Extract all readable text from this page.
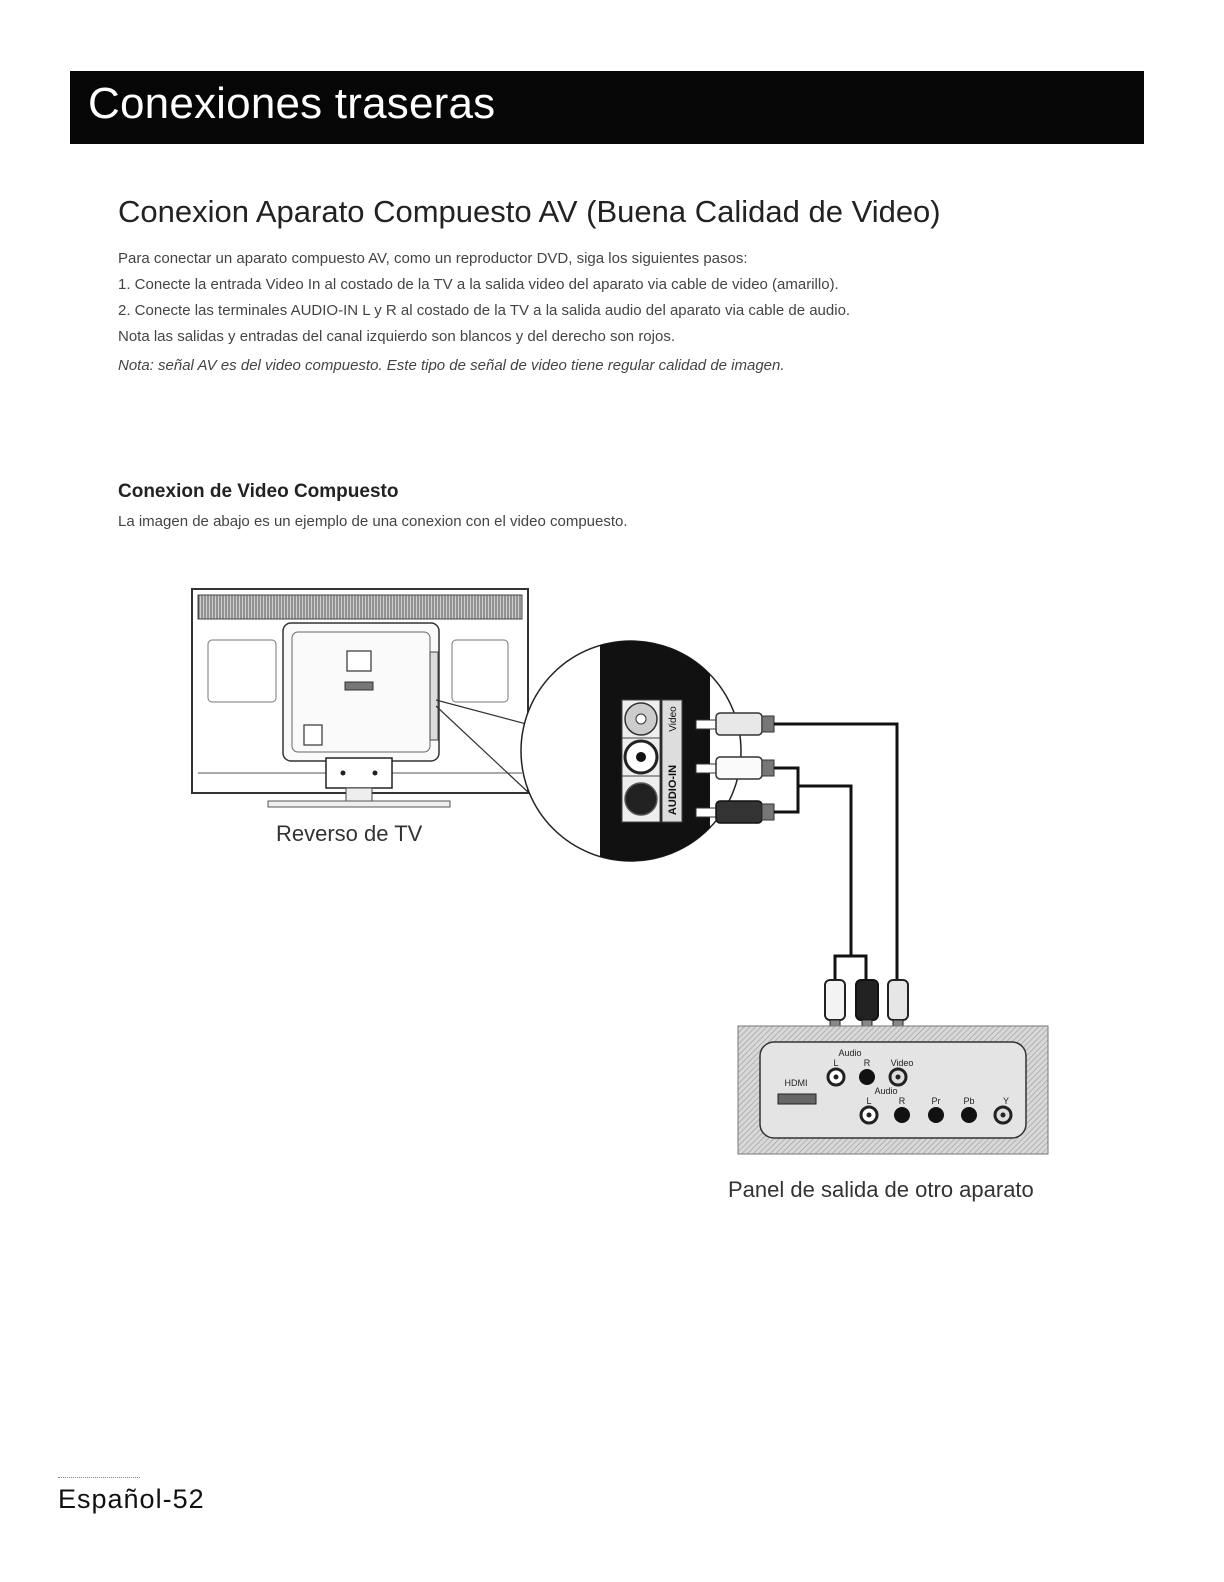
Conexiones traseras
Conexion Aparato Compuesto AV (Buena Calidad de Video)

Para conectar un aparato compuesto AV, como un reproductor DVD, siga los siguientes pasos:

1. Conecte la entrada Video In al costado de la TV a la salida video del aparato via cable de video (amarillo).

2. Conecte las terminales AUDIO-IN L y R al costado de la TV a la salida audio del aparato via cable de audio.

Nota las salidas y entradas del canal izquierdo son blancos y del derecho son rojos.

Nota: señal AV es del video compuesto. Este tipo de señal de video tiene regular calidad de imagen.

Conexion de Video Compuesto

La imagen de abajo es un ejemplo de una conexion con el video compuesto.

Video
AUDIO-IN
HDMI
Audio
L	R Video
Audio
L	R	Pr	Pb	Y
Reverso de TV
Panel de salida de otro aparato
Español-52
